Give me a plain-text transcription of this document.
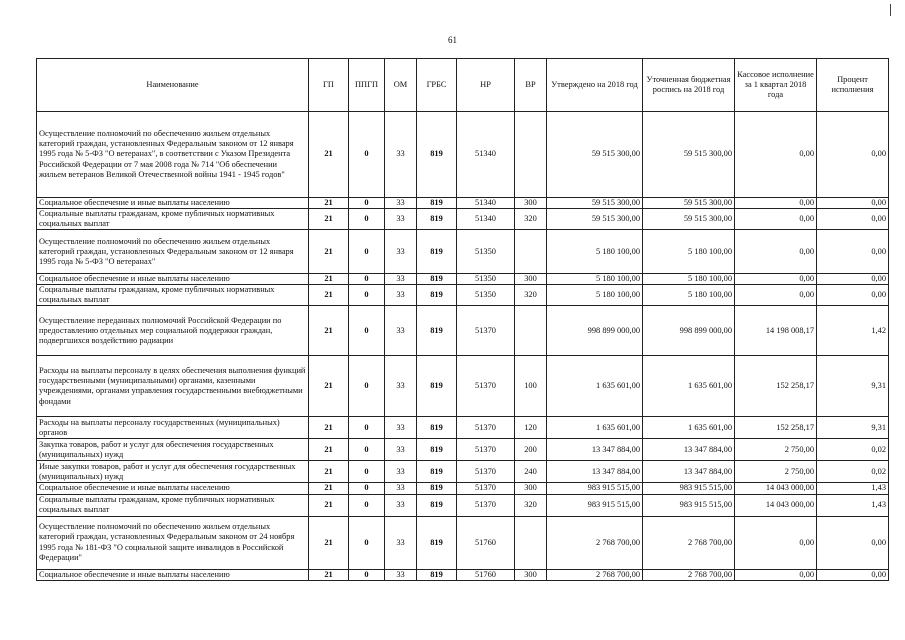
61
Наименование	ГП	ППГП	ОМ	ГРБС	НР	ВР	Утверждено на 2018 год	Уточненная бюджетная роспись на 2018 год	Кассовое исполнение за 1 квартал 2018 года	Процент исполнения
Осуществление полномочий по обеспечению жильем отдельных категорий граждан, установленных Федеральным законом от 12 января 1995 года № 5-ФЗ "О ветеранах", в соответствии с Указом Президента Российской Федерации от 7 мая 2008 года № 714 "Об обеспечении жильем ветеранов Великой Отечественной войны 1941 - 1945 годов"	21	0	33	819	51340		59 515 300,00	59 515 300,00	0,00	0,00
Социальное обеспечение и иные выплаты населению	21	0	33	819	51340	300	59 515 300,00	59 515 300,00	0,00	0,00
Социальные выплаты гражданам, кроме публичных нормативных социальных выплат	21	0	33	819	51340	320	59 515 300,00	59 515 300,00	0,00	0,00
Осуществление полномочий по обеспечению жильем отдельных категорий граждан, установленных Федеральным законом от 12 января 1995 года № 5-ФЗ "О ветеранах"	21	0	33	819	51350		5 180 100,00	5 180 100,00	0,00	0,00
Социальное обеспечение и иные выплаты населению	21	0	33	819	51350	300	5 180 100,00	5 180 100,00	0,00	0,00
Социальные выплаты гражданам, кроме публичных нормативных социальных выплат	21	0	33	819	51350	320	5 180 100,00	5 180 100,00	0,00	0,00
Осуществление переданных полномочий Российской Федерации по предоставлению отдельных мер социальной поддержки граждан, подвергшихся воздействию радиации	21	0	33	819	51370		998 899 000,00	998 899 000,00	14 198 008,17	1,42
Расходы на выплаты персоналу в целях обеспечения выполнения функций государственными (муниципальными) органами, казенными учреждениями, органами управления государственными внебюджетными фондами	21	0	33	819	51370	100	1 635 601,00	1 635 601,00	152 258,17	9,31
Расходы на выплаты персоналу государственных (муниципальных) органов	21	0	33	819	51370	120	1 635 601,00	1 635 601,00	152 258,17	9,31
Закупка товаров, работ и услуг для обеспечения государственных (муниципальных) нужд	21	0	33	819	51370	200	13 347 884,00	13 347 884,00	2 750,00	0,02
Иные закупки товаров, работ и услуг для обеспечения государственных (муниципальных) нужд	21	0	33	819	51370	240	13 347 884,00	13 347 884,00	2 750,00	0,02
Социальное обеспечение и иные выплаты населению	21	0	33	819	51370	300	983 915 515,00	983 915 515,00	14 043 000,00	1,43
Социальные выплаты гражданам, кроме публичных нормативных социальных выплат	21	0	33	819	51370	320	983 915 515,00	983 915 515,00	14 043 000,00	1,43
Осуществление полномочий по обеспечению жильем отдельных категорий граждан, установленных Федеральным законом от 24 ноября 1995 года № 181-ФЗ "О социальной защите инвалидов в Российской Федерации"	21	0	33	819	51760		2 768 700,00	2 768 700,00	0,00	0,00
Социальное обеспечение и иные выплаты населению	21	0	33	819	51760	300	2 768 700,00	2 768 700,00	0,00	0,00
